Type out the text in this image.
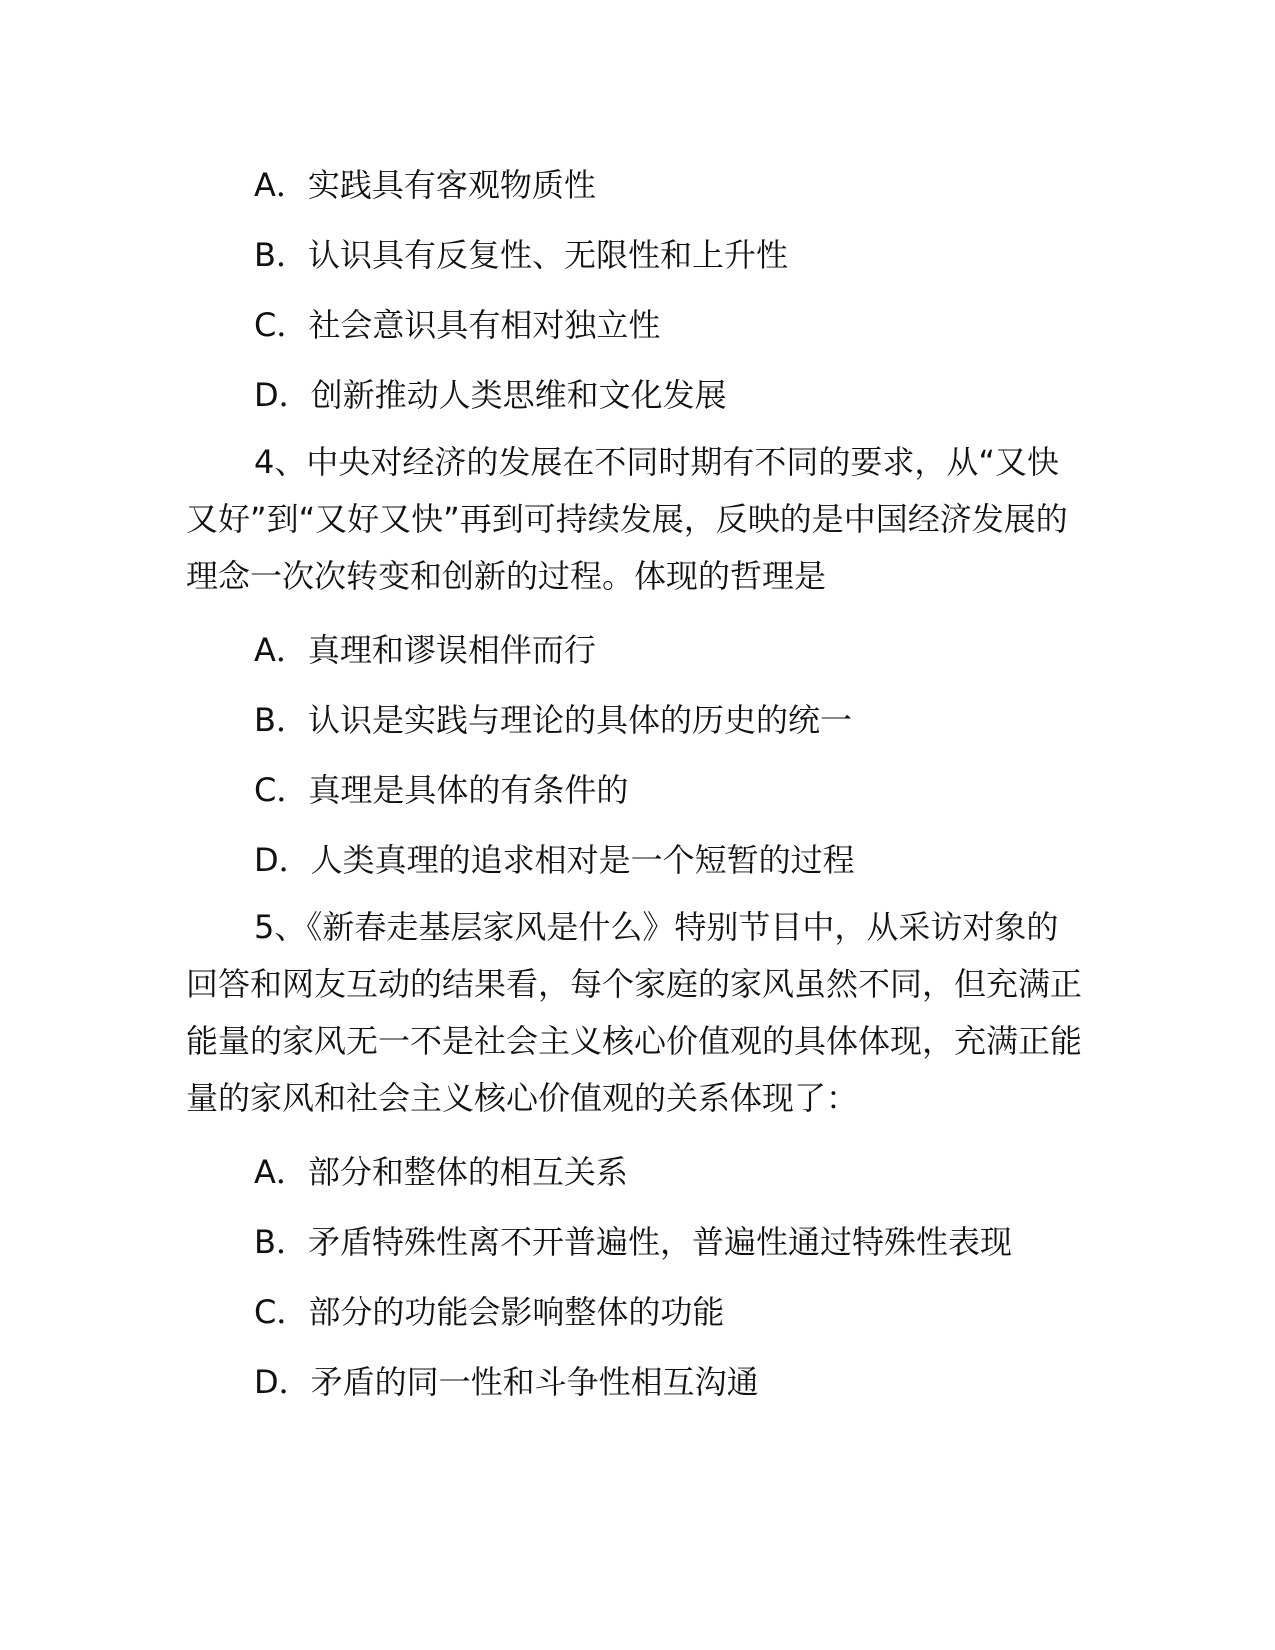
A．实践具有客观物质性

B．认识具有反复性、无限性和上升性

C．社会意识具有相对独立性

D．创新推动人类思维和文化发展

4、中央对经济的发展在不同时期有不同的要求，从“又快又好”到“又好又快”再到可持续发展，反映的是中国经济发展的理念一次次转变和创新的过程。体现的哲理是

A．真理和谬误相伴而行

B．认识是实践与理论的具体的历史的统一

C．真理是具体的有条件的

D．人类真理的追求相对是一个短暂的过程

5、《新春走基层家风是什么》特别节目中，从采访对象的回答和网友互动的结果看，每个家庭的家风虽然不同，但充满正能量的家风无一不是社会主义核心价值观的具体体现，充满正能量的家风和社会主义核心价值观的关系体现了：

A．部分和整体的相互关系

B．矛盾特殊性离不开普遍性，普遍性通过特殊性表现

C．部分的功能会影响整体的功能

D．矛盾的同一性和斗争性相互沟通
